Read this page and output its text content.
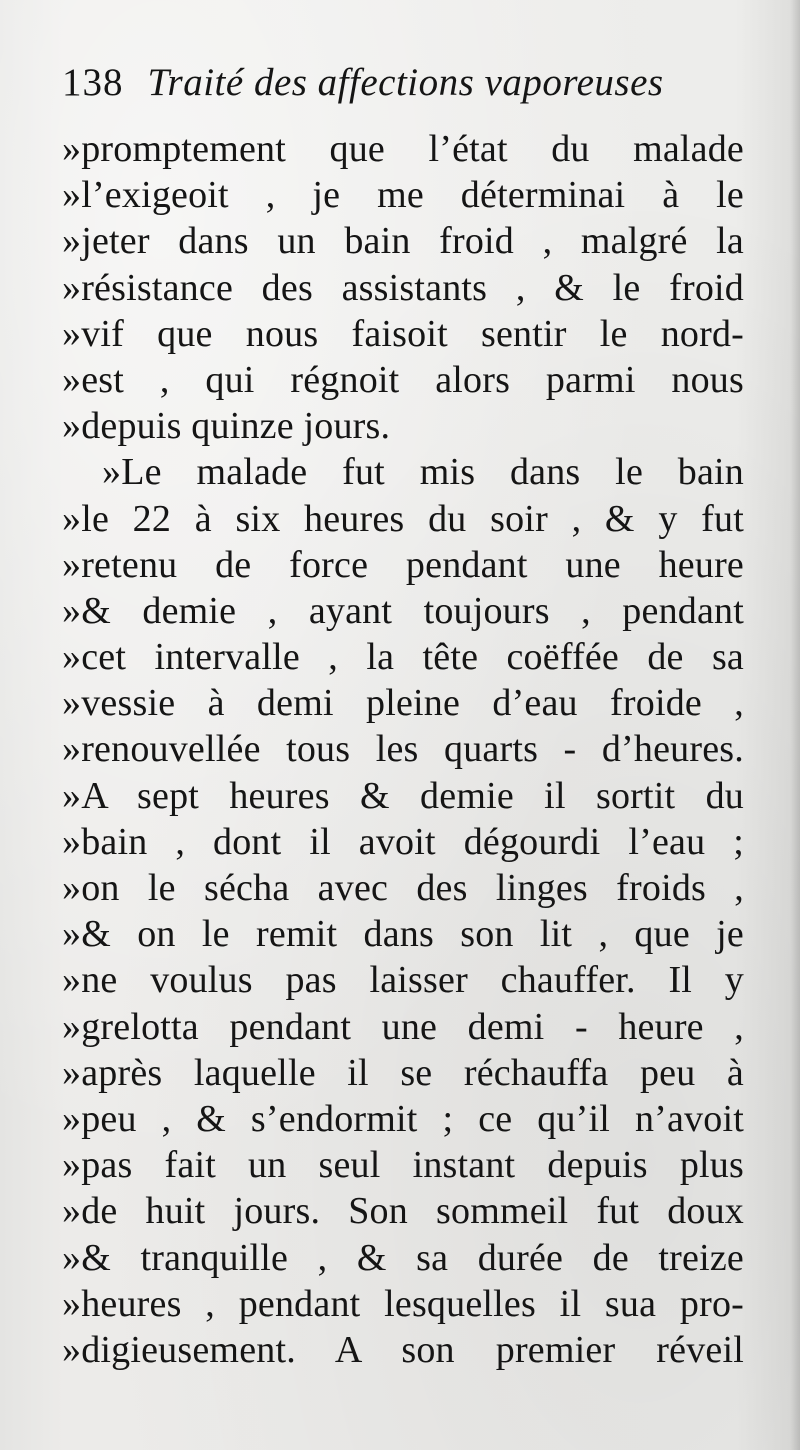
138 Traité des affections vaporeuses
»promptement que l’état du malade
»l’exigeoit , je me déterminai à le
»jeter dans un bain froid , malgré la
»résistance des assistants , & le froid
»vif que nous faisoit sentir le nord-
»est , qui régnoit alors parmi nous
»depuis quinze jours.
»Le malade fut mis dans le bain
»le 22 à six heures du soir , & y fut
»retenu de force pendant une heure
»& demie , ayant toujours , pendant
»cet intervalle , la tête coëffée de sa
»vessie à demi pleine d’eau froide ,
»renouvellée tous les quarts - d’heures.
»A sept heures & demie il sortit du
»bain , dont il avoit dégourdi l’eau ;
»on le sécha avec des linges froids ,
»& on le remit dans son lit , que je
»ne voulus pas laisser chauffer. Il y
»grelotta pendant une demi - heure ,
»après laquelle il se réchauffa peu à
»peu , & s’endormit ; ce qu’il n’avoit
»pas fait un seul instant depuis plus
»de huit jours. Son sommeil fut doux
»& tranquille , & sa durée de treize
»heures , pendant lesquelles il sua pro-
»digieusement. A son premier réveil
